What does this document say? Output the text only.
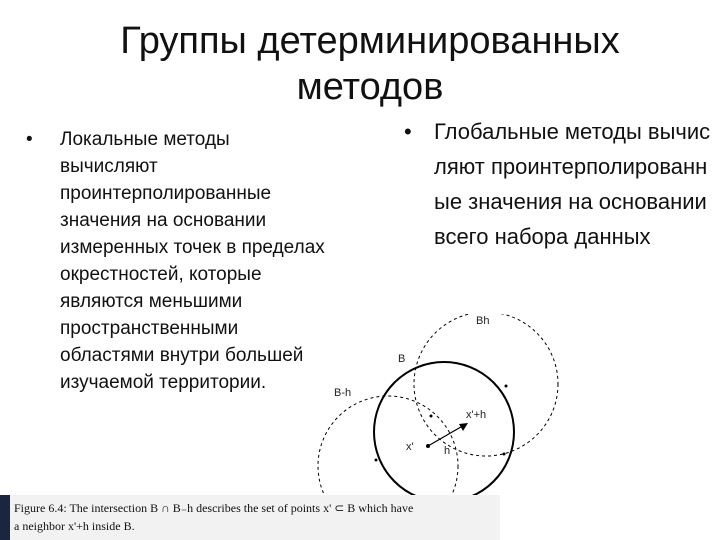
Группы детерминированных методов
•	Локальные методы вычисляют проинтерполированные значения на основании измеренных точек в пределах окрестностей, которые являются меньшими пространственными областями внутри большей изучаемой территории.
•	Глобальные методы вычисляют проинтерполированные значения на основании всего набора данных
Bh
B
B-h
x'
x'+h
h
Figure 6.4: The intersection B ∩ B₋h describes the set of points x' ⊂ B which have
a neighbor x'+h inside B.
